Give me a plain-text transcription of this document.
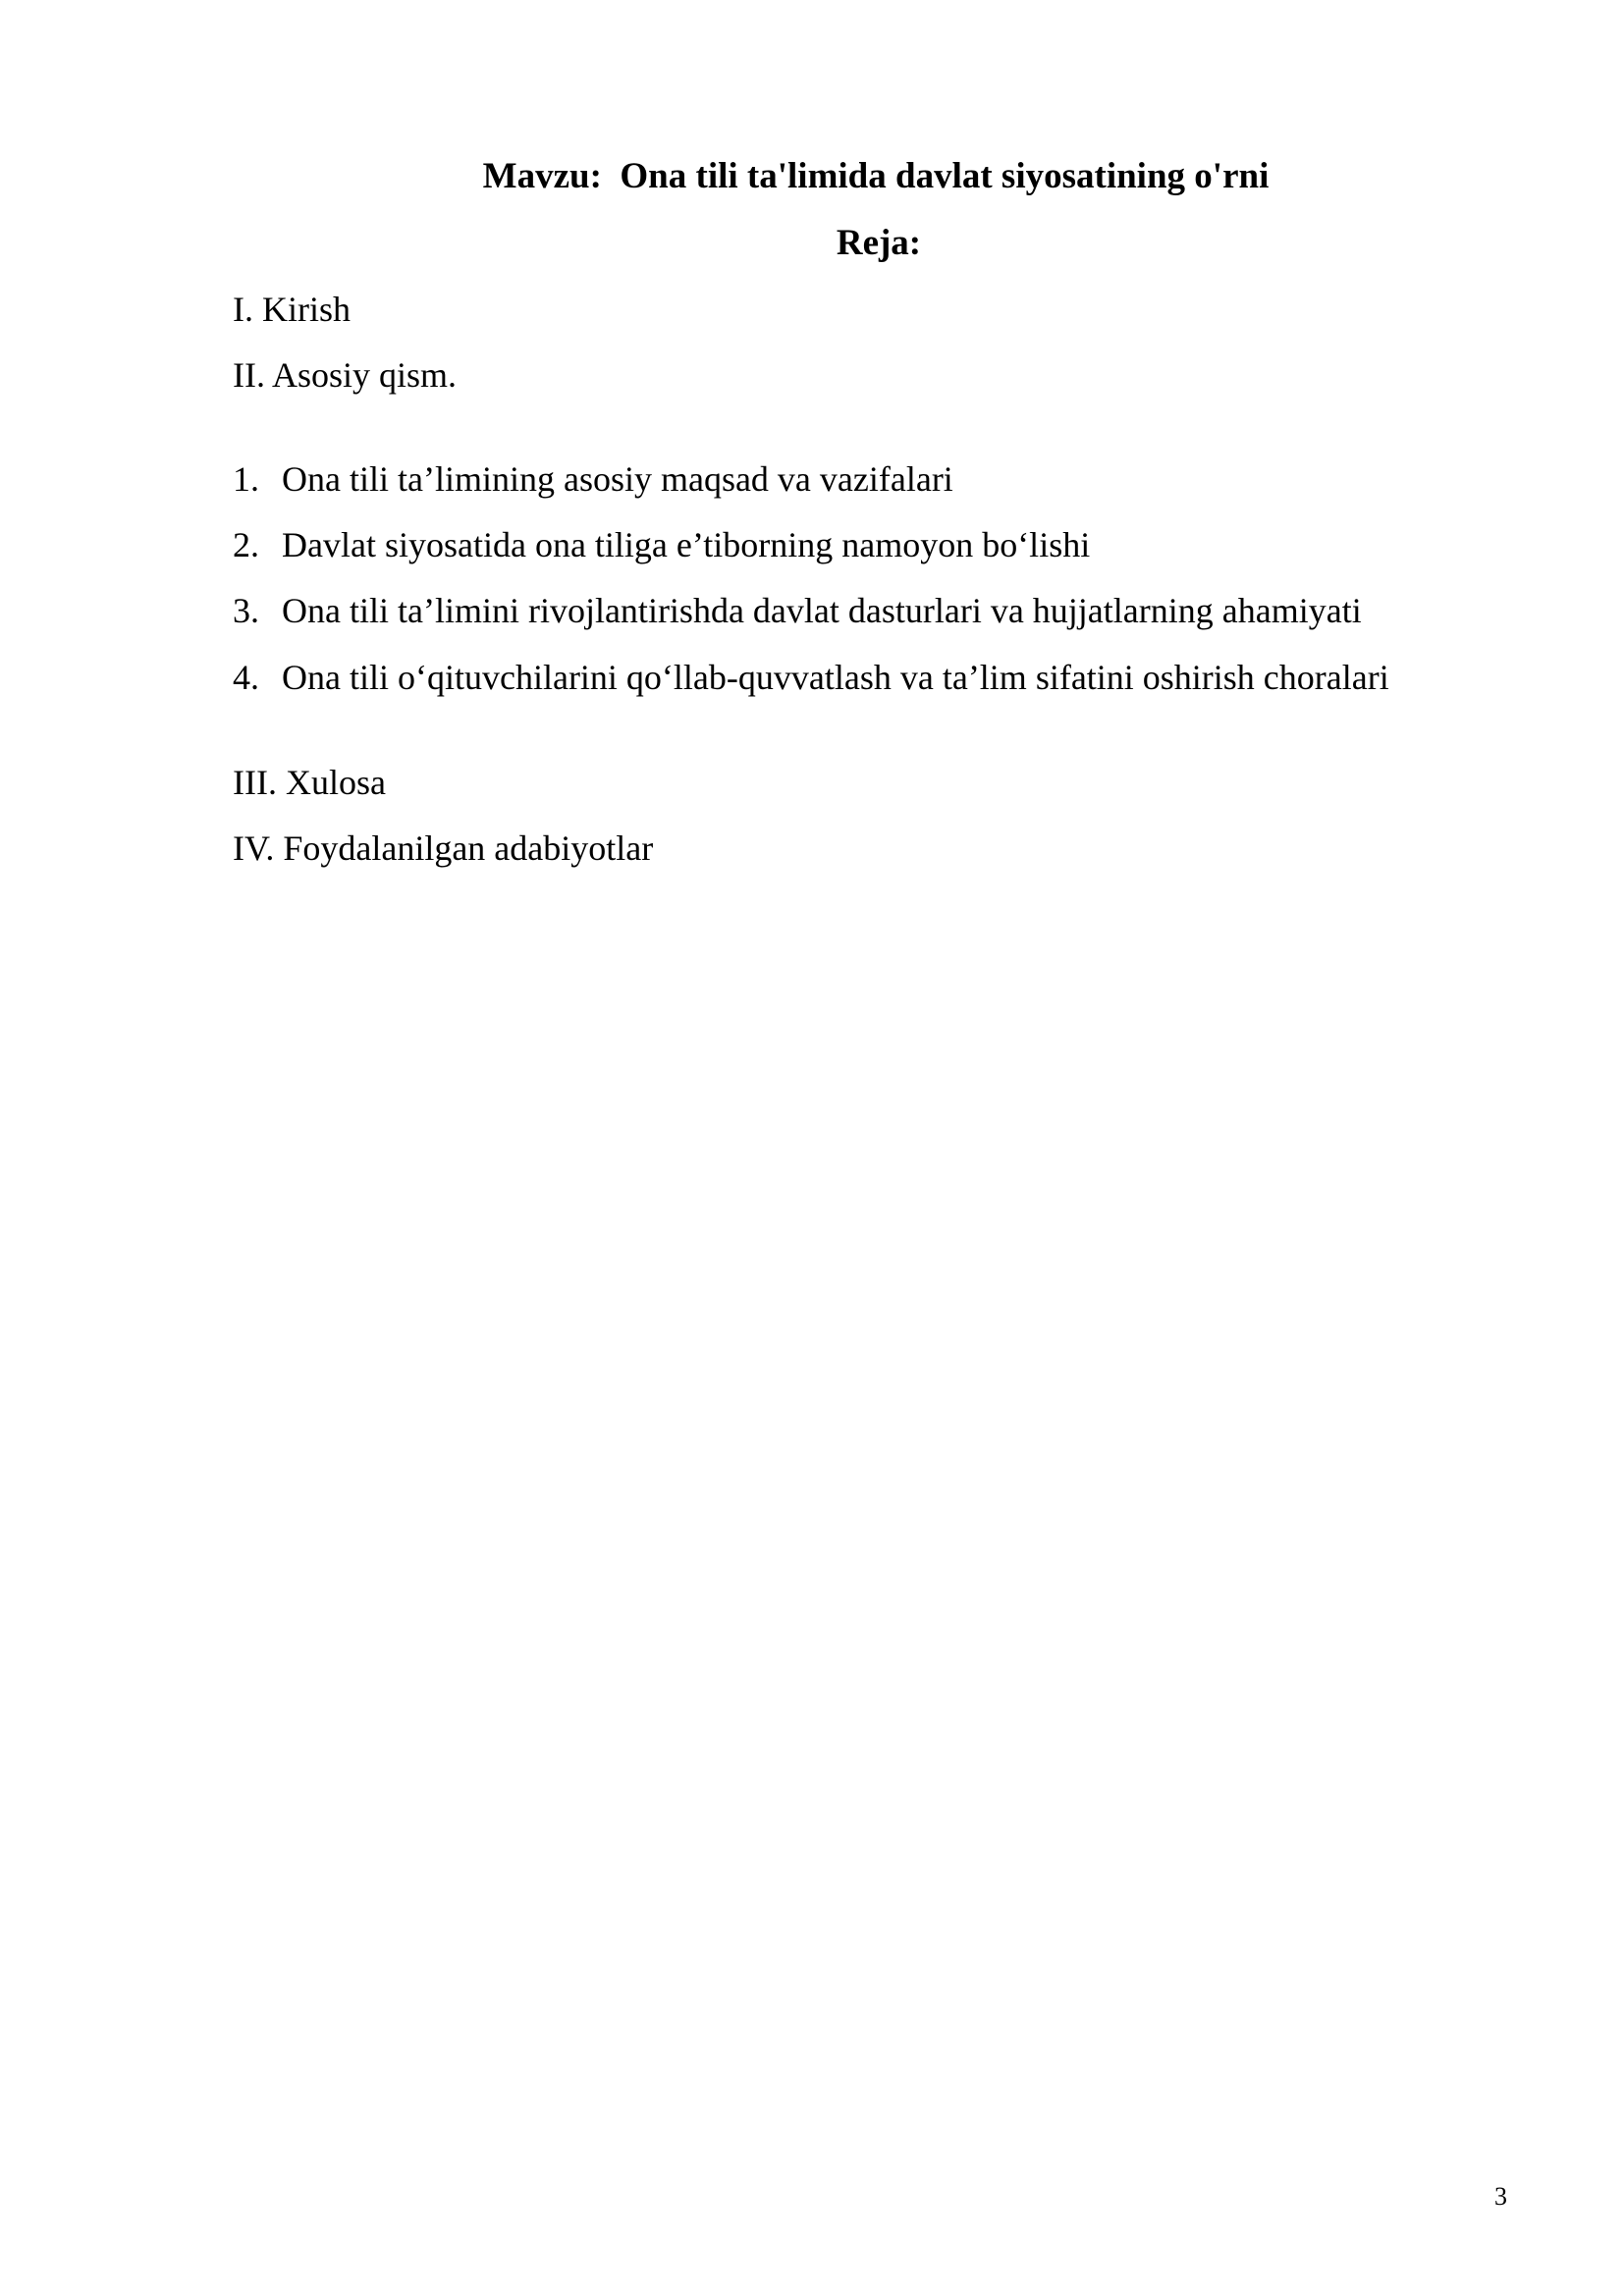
Mavzu: Ona tili ta'limida davlat siyosatining o'rni
Reja:
I. Kirish
II. Asosiy qism.
1. Ona tili ta’limining asosiy maqsad va vazifalari
2. Davlat siyosatida ona tiliga e’tiborning namoyon bo‘lishi
3. Ona tili ta’limini rivojlantirishda davlat dasturlari va hujjatlarning ahamiyati
4. Ona tili o‘qituvchilarini qo‘llab-quvvatlash va ta’lim sifatini oshirish choralari
III. Xulosa
IV. Foydalanilgan adabiyotlar
3
